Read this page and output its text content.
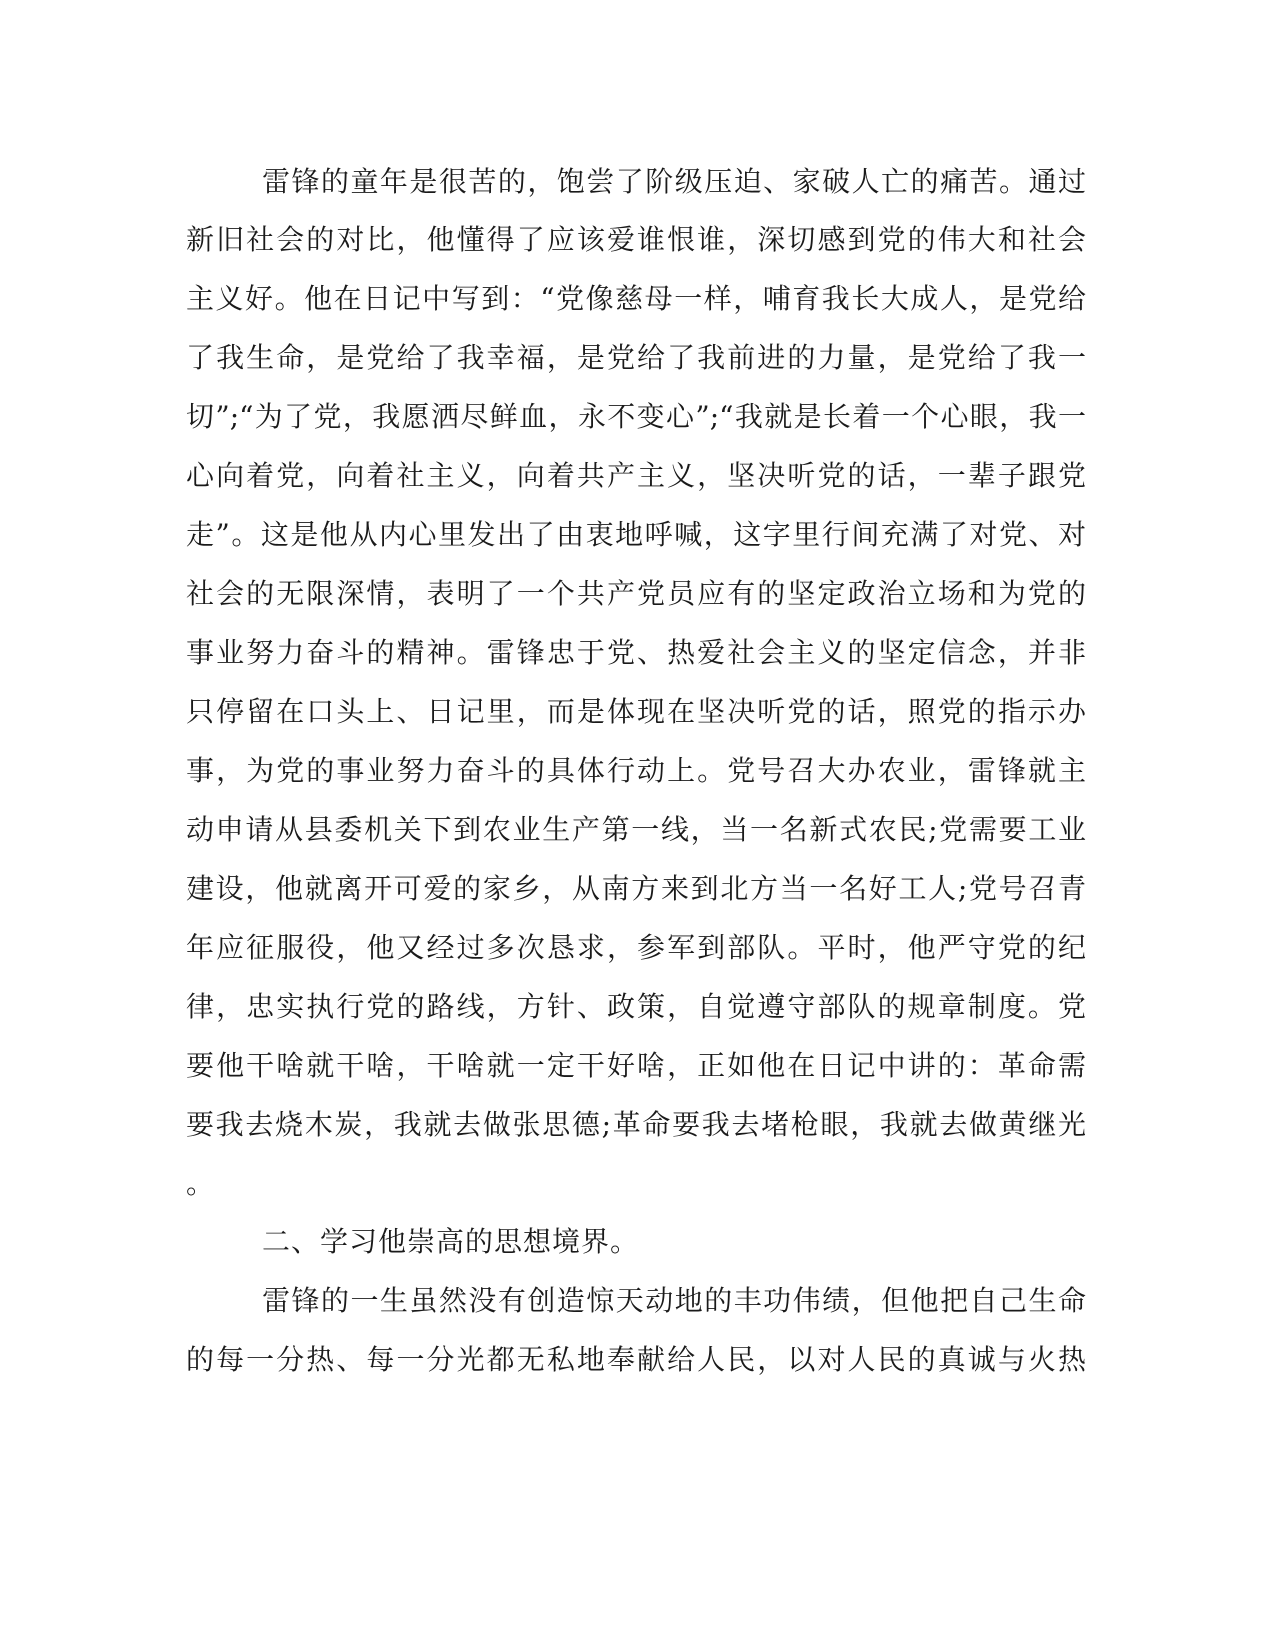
雷锋的童年是很苦的，饱尝了阶级压迫、家破人亡的痛苦。通过
新旧社会的对比，他懂得了应该爱谁恨谁，深切感到党的伟大和社会
主义好。他在日记中写到：“党像慈母一样，哺育我长大成人，是党给
了我生命，是党给了我幸福，是党给了我前进的力量，是党给了我一
切”;“为了党，我愿洒尽鲜血，永不变心”;“我就是长着一个心眼，我一
心向着党，向着社主义，向着共产主义，坚决听党的话，一辈子跟党
走”。这是他从内心里发出了由衷地呼喊，这字里行间充满了对党、对
社会的无限深情，表明了一个共产党员应有的坚定政治立场和为党的
事业努力奋斗的精神。雷锋忠于党、热爱社会主义的坚定信念，并非
只停留在口头上、日记里，而是体现在坚决听党的话，照党的指示办
事，为党的事业努力奋斗的具体行动上。党号召大办农业，雷锋就主
动申请从县委机关下到农业生产第一线，当一名新式农民;党需要工业
建设，他就离开可爱的家乡，从南方来到北方当一名好工人;党号召青
年应征服役，他又经过多次恳求，参军到部队。平时，他严守党的纪
律，忠实执行党的路线，方针、政策，自觉遵守部队的规章制度。党
要他干啥就干啥，干啥就一定干好啥，正如他在日记中讲的：革命需
要我去烧木炭，我就去做张思德;革命要我去堵枪眼，我就去做黄继光
。
二、学习他崇高的思想境界。
雷锋的一生虽然没有创造惊天动地的丰功伟绩，但他把自己生命
的每一分热、每一分光都无私地奉献给人民，以对人民的真诚与火热
